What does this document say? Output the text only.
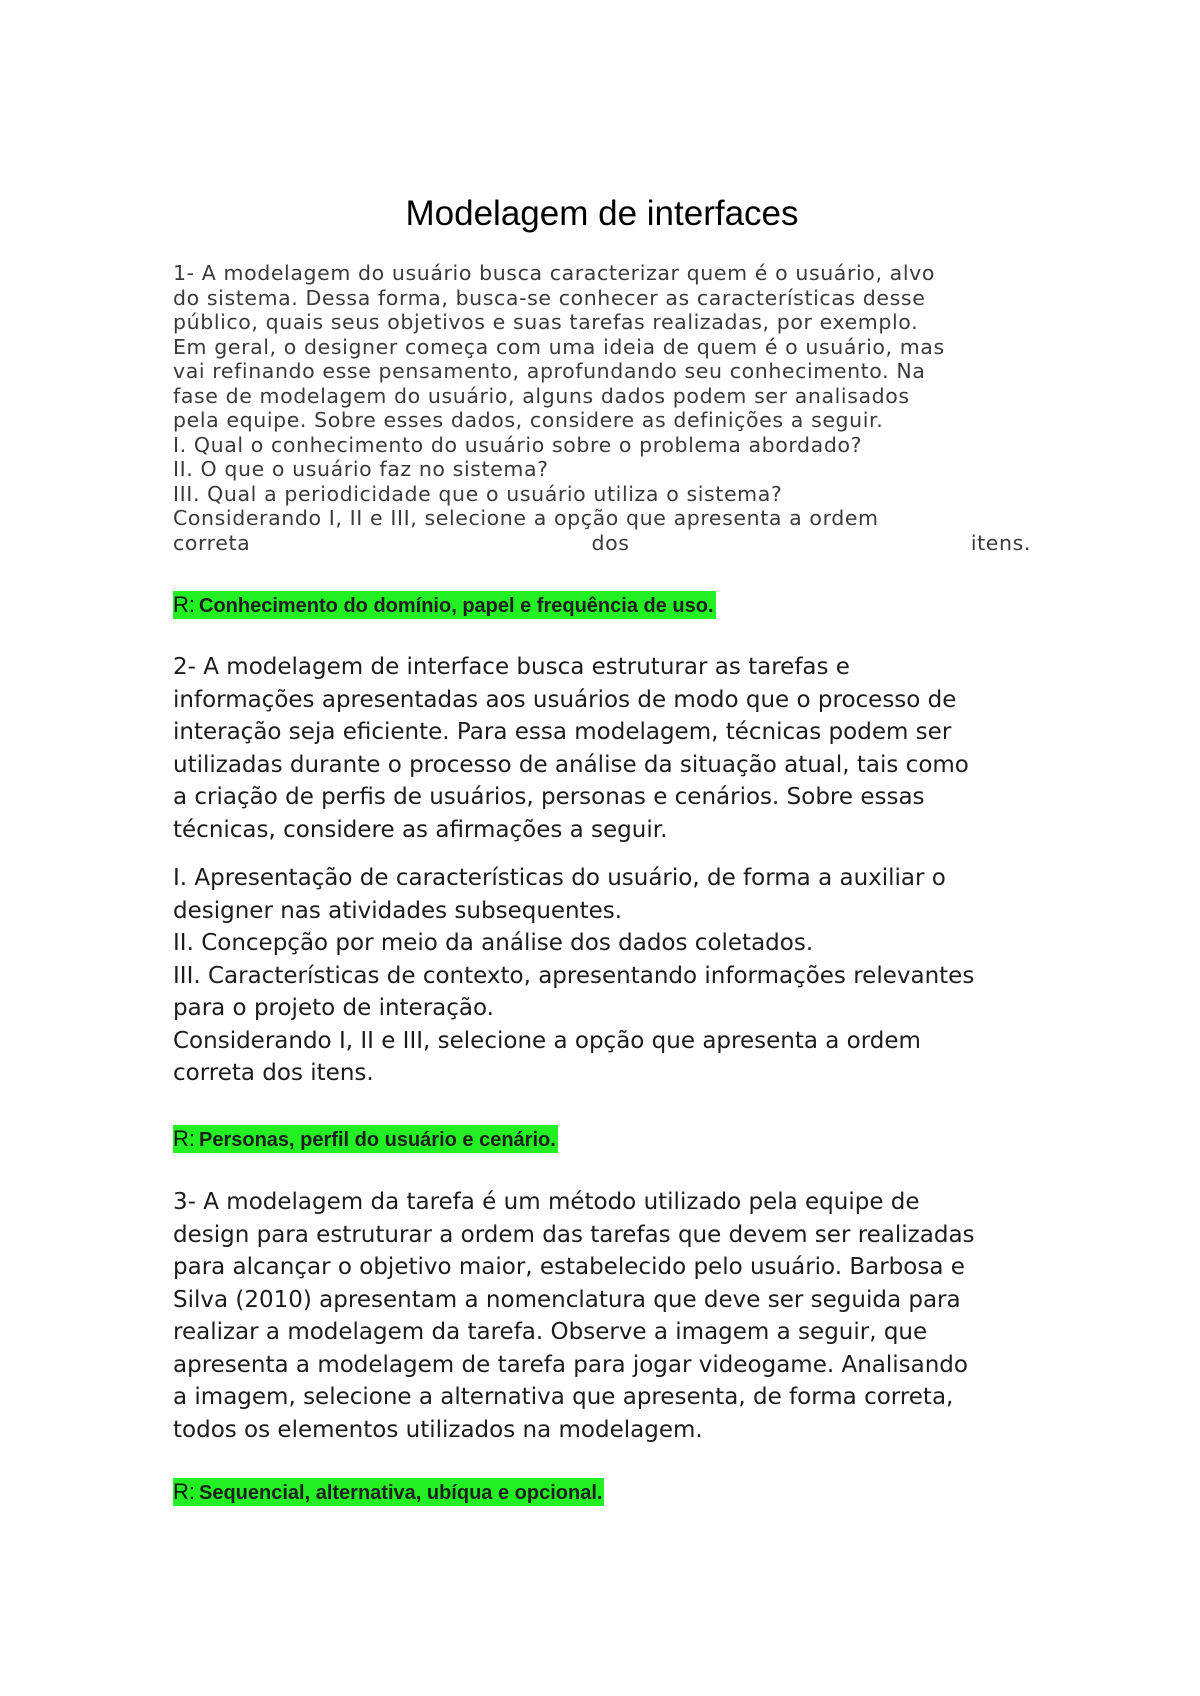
Modelagem de interfaces
1- A modelagem do usuário busca caracterizar quem é o usuário, alvo
do sistema. Dessa forma, busca-se conhecer as características desse
público, quais seus objetivos e suas tarefas realizadas, por exemplo.
Em geral, o designer começa com uma ideia de quem é o usuário, mas
vai refinando esse pensamento, aprofundando seu conhecimento. Na
fase de modelagem do usuário, alguns dados podem ser analisados
pela equipe. Sobre esses dados, considere as definições a seguir.
I. Qual o conhecimento do usuário sobre o problema abordado?
II. O que o usuário faz no sistema?
III. Qual a periodicidade que o usuário utiliza o sistema?
Considerando I, II e III, selecione a opção que apresenta a ordem
correta	dos	itens.
R: Conhecimento do domínio, papel e frequência de uso.

2- A modelagem de interface busca estruturar as tarefas e
informações apresentadas aos usuários de modo que o processo de
interação seja eficiente. Para essa modelagem, técnicas podem ser
utilizadas durante o processo de análise da situação atual, tais como
a criação de perfis de usuários, personas e cenários. Sobre essas
técnicas, considere as afirmações a seguir.

I. Apresentação de características do usuário, de forma a auxiliar o
designer nas atividades subsequentes.
II. Concepção por meio da análise dos dados coletados.
III. Características de contexto, apresentando informações relevantes
para o projeto de interação.
Considerando I, II e III, selecione a opção que apresenta a ordem
correta dos itens.

R: Personas, perfil do usuário e cenário.

3- A modelagem da tarefa é um método utilizado pela equipe de
design para estruturar a ordem das tarefas que devem ser realizadas
para alcançar o objetivo maior, estabelecido pelo usuário. Barbosa e
Silva (2010) apresentam a nomenclatura que deve ser seguida para
realizar a modelagem da tarefa. Observe a imagem a seguir, que
apresenta a modelagem de tarefa para jogar videogame. Analisando
a imagem, selecione a alternativa que apresenta, de forma correta,
todos os elementos utilizados na modelagem.

R: Sequencial, alternativa, ubíqua e opcional.
